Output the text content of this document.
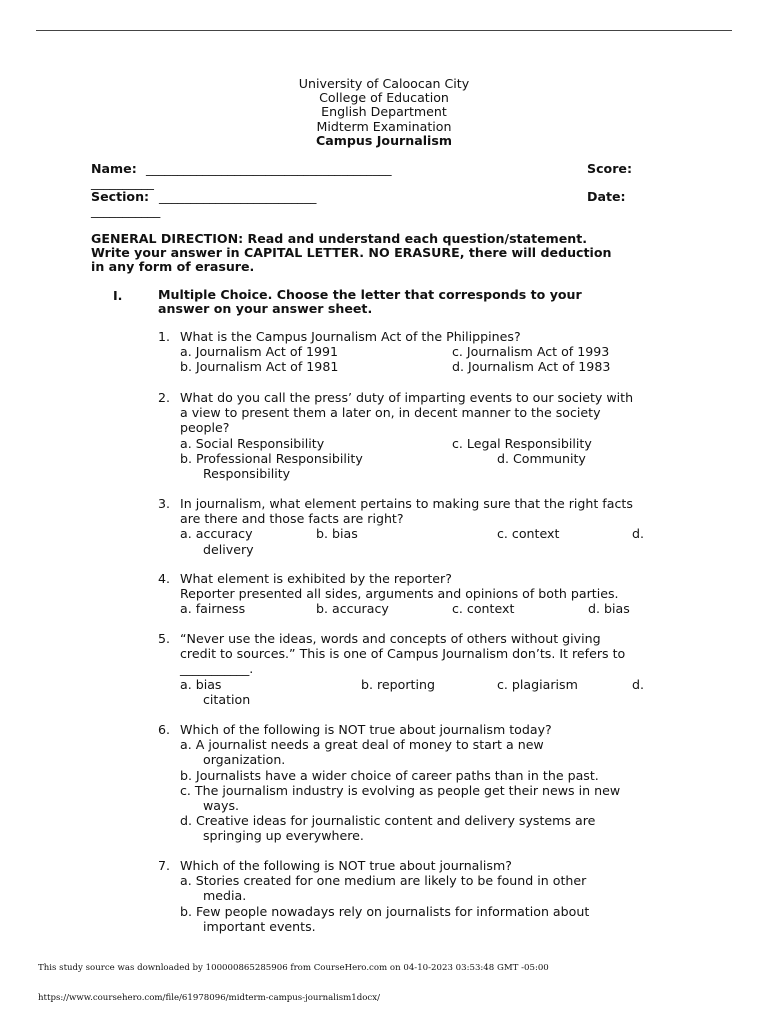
University of Caloocan City
College of Education
English Department
Midterm Examination
Campus Journalism
Name: _______________________________________	Score:
__________
Section: _________________________	Date:
___________
GENERAL DIRECTION: Read and understand each question/statement.
Write your answer in CAPITAL LETTER. NO ERASURE, there will deduction
in any form of erasure.
I.	Multiple Choice. Choose the letter that corresponds to your
answer on your answer sheet.
1. What is the Campus Journalism Act of the Philippines?
a. Journalism Act of 1991	c. Journalism Act of 1993
b. Journalism Act of 1981	d. Journalism Act of 1983
2. What do you call the press’ duty of imparting events to our society with
a view to present them a later on, in decent manner to the society
people?
a. Social Responsibility	c. Legal Responsibility
b. Professional Responsibility	d. Community
Responsibility
3. In journalism, what element pertains to making sure that the right facts
are there and those facts are right?
a. accuracy	b. bias	c. context	d.
delivery
4. What element is exhibited by the reporter?
Reporter presented all sides, arguments and opinions of both parties.
a. fairness	b. accuracy	c. context	d. bias
5. “Never use the ideas, words and concepts of others without giving
credit to sources.” This is one of Campus Journalism don’ts. It refers to
___________.
a. bias	b. reporting	c. plagiarism	d.
citation
6. Which of the following is NOT true about journalism today?
a. A journalist needs a great deal of money to start a new
organization.
b. Journalists have a wider choice of career paths than in the past.
c. The journalism industry is evolving as people get their news in new
ways.
d. Creative ideas for journalistic content and delivery systems are
springing up everywhere.
7. Which of the following is NOT true about journalism?
a. Stories created for one medium are likely to be found in other
media.
b. Few people nowadays rely on journalists for information about
important events.
This study source was downloaded by 100000865285906 from CourseHero.com on 04-10-2023 03:53:48 GMT -05:00
https://www.coursehero.com/file/61978096/midterm-campus-journalism1docx/
